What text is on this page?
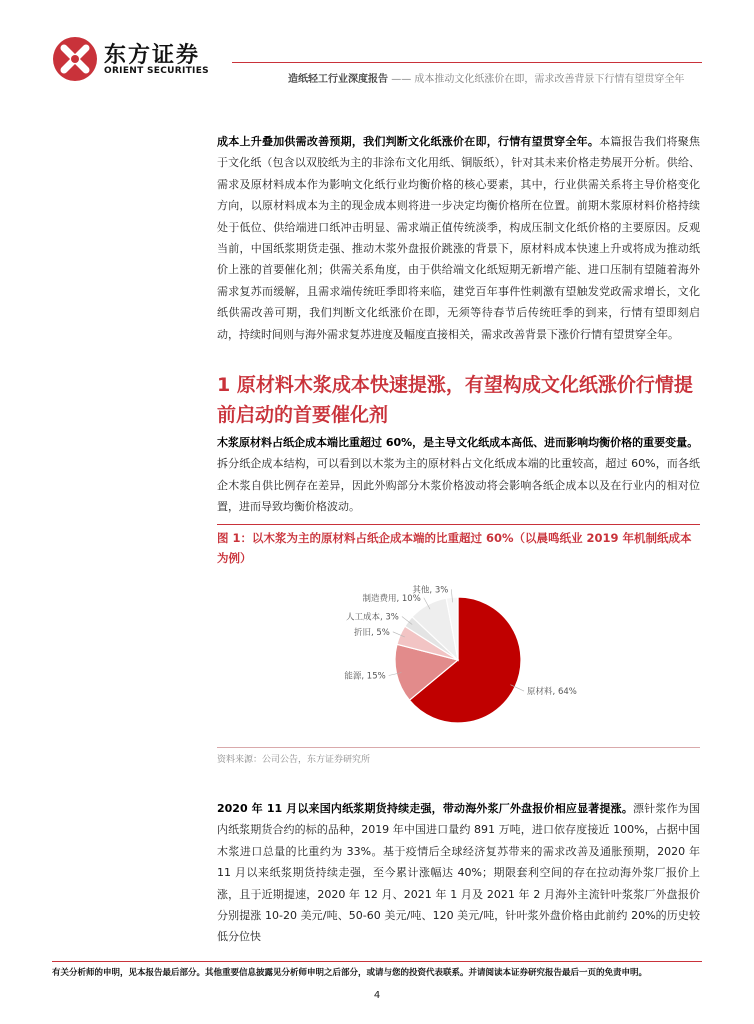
东方证券
ORIENT SECURITIES
造纸轻工行业深度报告 —— 成本推动文化纸涨价在即，需求改善背景下行情有望贯穿全年
成本上升叠加供需改善预期，我们判断文化纸涨价在即，行情有望贯穿全年。本篇报告我们将聚焦于文化纸（包含以双胶纸为主的非涂布文化用纸、铜版纸），针对其未来价格走势展开分析。供给、需求及原材料成本作为影响文化纸行业均衡价格的核心要素，其中，行业供需关系将主导价格变化方向，以原材料成本为主的现金成本则将进一步决定均衡价格所在位置。前期木浆原材料价格持续处于低位、供给端进口纸冲击明显、需求端正值传统淡季，构成压制文化纸价格的主要原因。反观当前，中国纸浆期货走强、推动木浆外盘报价跳涨的背景下，原材料成本快速上升或将成为推动纸价上涨的首要催化剂；供需关系角度，由于供给端文化纸短期无新增产能、进口压制有望随着海外需求复苏而缓解，且需求端传统旺季即将来临，建党百年事件性刺激有望触发党政需求增长，文化纸供需改善可期，我们判断文化纸涨价在即，无须等待春节后传统旺季的到来，行情有望即刻启动，持续时间则与海外需求复苏进度及幅度直接相关，需求改善背景下涨价行情有望贯穿全年。
1 原材料木浆成本快速提涨，有望构成文化纸涨价行情提前启动的首要催化剂
木浆原材料占纸企成本端比重超过 60%，是主导文化纸成本高低、进而影响均衡价格的重要变量。
拆分纸企成本结构，可以看到以木浆为主的原材料占文化纸成本端的比重较高，超过 60%，而各纸企木浆自供比例存在差异，因此外购部分木浆价格波动将会影响各纸企成本以及在行业内的相对位置，进而导致均衡价格波动。
图 1：以木浆为主的原材料占纸企成本端的比重超过 60%（以晨鸣纸业 2019 年机制纸成本为例）
原材料, 64%
能源, 15%
折旧, 5%
人工成本, 3%
制造费用, 10%
其他, 3%
资料来源：公司公告，东方证券研究所
2020 年 11 月以来国内纸浆期货持续走强，带动海外浆厂外盘报价相应显著提涨。漂针浆作为国内纸浆期货合约的标的品种，2019 年中国进口量约 891 万吨，进口依存度接近 100%，占据中国木浆进口总量的比重约为 33%。基于疫情后全球经济复苏带来的需求改善及通胀预期，2020 年 11 月以来纸浆期货持续走强，至今累计涨幅达 40%；期限套利空间的存在拉动海外浆厂报价上涨，且于近期提速，2020 年 12 月、2021 年 1 月及 2021 年 2 月海外主流针叶浆浆厂外盘报价分别提涨 10-20 美元/吨、50-60 美元/吨、120 美元/吨，针叶浆外盘价格由此前约 20%的历史较低分位快
有关分析师的申明，见本报告最后部分。其他重要信息披露见分析师申明之后部分，或请与您的投资代表联系。并请阅读本证券研究报告最后一页的免责申明。
4
